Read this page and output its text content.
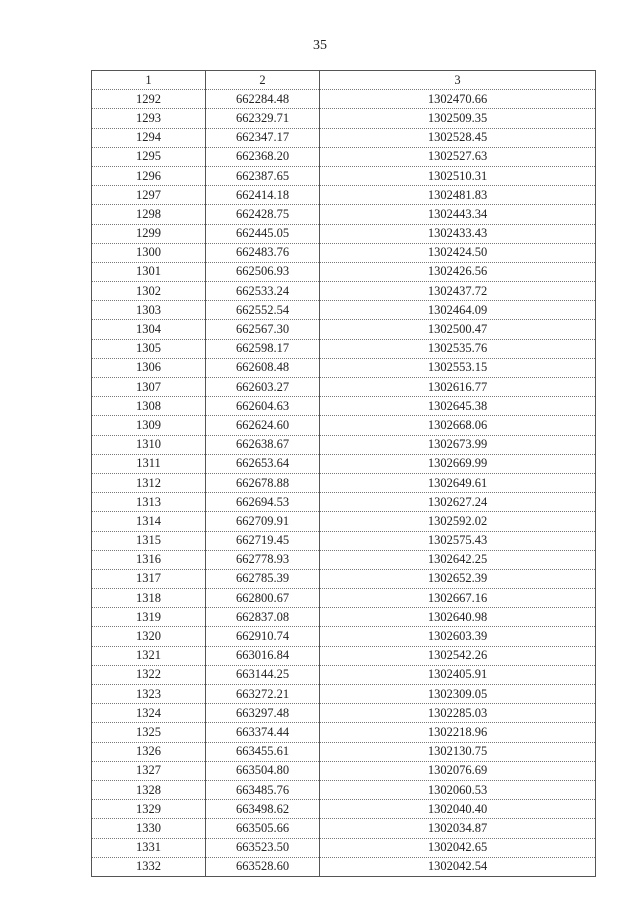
35
1	2	3
1292	662284.48	1302470.66
1293	662329.71	1302509.35
1294	662347.17	1302528.45
1295	662368.20	1302527.63
1296	662387.65	1302510.31
1297	662414.18	1302481.83
1298	662428.75	1302443.34
1299	662445.05	1302433.43
1300	662483.76	1302424.50
1301	662506.93	1302426.56
1302	662533.24	1302437.72
1303	662552.54	1302464.09
1304	662567.30	1302500.47
1305	662598.17	1302535.76
1306	662608.48	1302553.15
1307	662603.27	1302616.77
1308	662604.63	1302645.38
1309	662624.60	1302668.06
1310	662638.67	1302673.99
1311	662653.64	1302669.99
1312	662678.88	1302649.61
1313	662694.53	1302627.24
1314	662709.91	1302592.02
1315	662719.45	1302575.43
1316	662778.93	1302642.25
1317	662785.39	1302652.39
1318	662800.67	1302667.16
1319	662837.08	1302640.98
1320	662910.74	1302603.39
1321	663016.84	1302542.26
1322	663144.25	1302405.91
1323	663272.21	1302309.05
1324	663297.48	1302285.03
1325	663374.44	1302218.96
1326	663455.61	1302130.75
1327	663504.80	1302076.69
1328	663485.76	1302060.53
1329	663498.62	1302040.40
1330	663505.66	1302034.87
1331	663523.50	1302042.65
1332	663528.60	1302042.54
